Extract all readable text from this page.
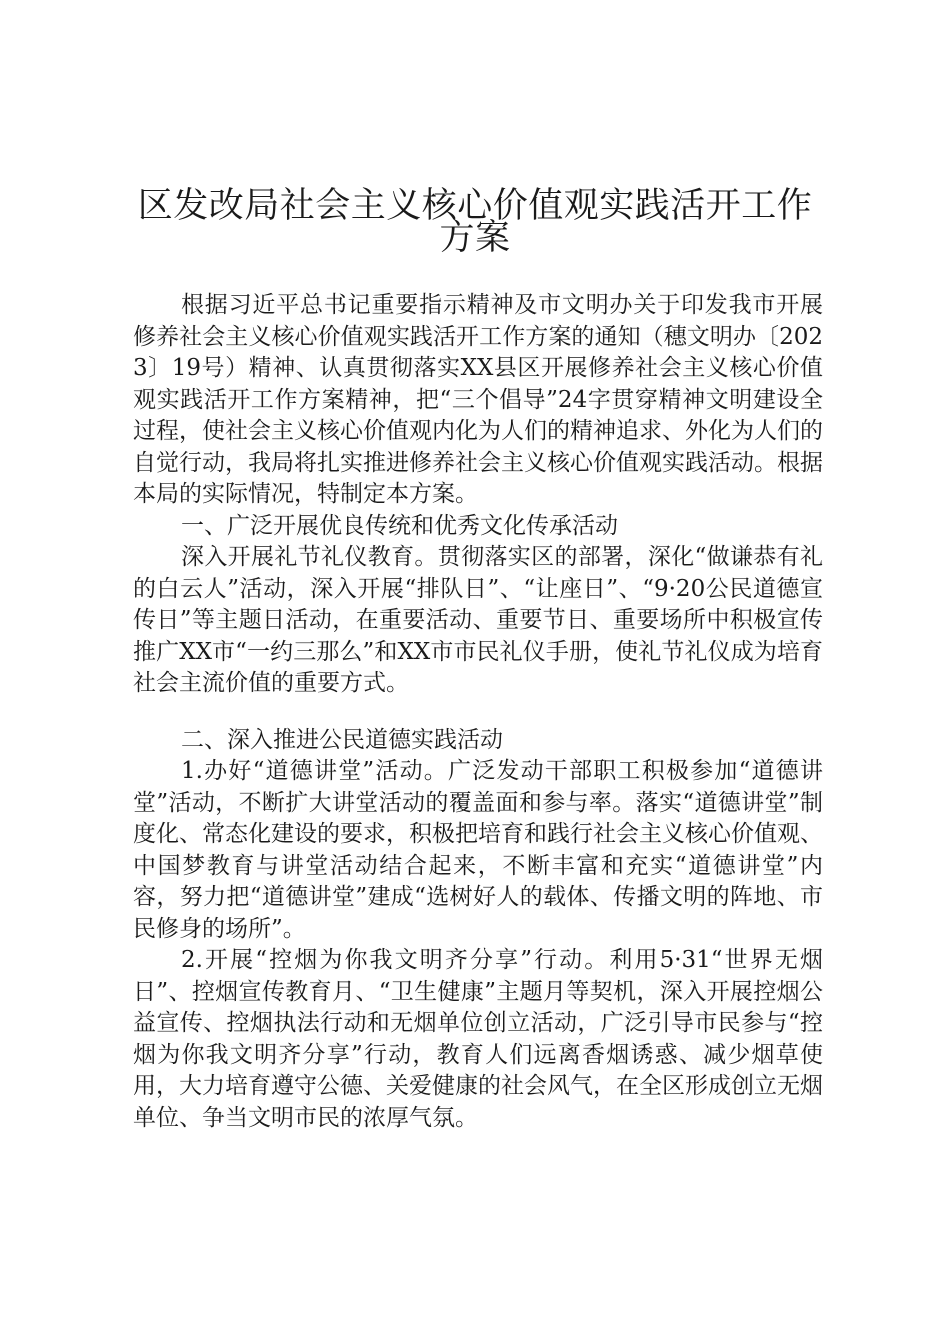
区发改局社会主义核心价值观实践活开工作
方案

根据习近平总书记重要指示精神及市文明办关于印发我市开展修养社会主义核心价值观实践活开工作方案的通知（穗文明办〔2023〕19号）精神、认真贯彻落实XX县区开展修养社会主义核心价值观实践活开工作方案精神，把“三个倡导”24字贯穿精神文明建设全过程，使社会主义核心价值观内化为人们的精神追求、外化为人们的自觉行动，我局将扎实推进修养社会主义核心价值观实践活动。根据本局的实际情况，特制定本方案。

一、广泛开展优良传统和优秀文化传承活动

深入开展礼节礼仪教育。贯彻落实区的部署，深化“做谦恭有礼的白云人”活动，深入开展“排队日”、“让座日”、“9·20公民道德宣传日”等主题日活动，在重要活动、重要节日、重要场所中积极宣传推广XX市“一约三那么”和XX市市民礼仪手册，使礼节礼仪成为培育社会主流价值的重要方式。

二、深入推进公民道德实践活动

1.办好“道德讲堂”活动。广泛发动干部职工积极参加“道德讲堂”活动，不断扩大讲堂活动的覆盖面和参与率。落实“道德讲堂”制度化、常态化建设的要求，积极把培育和践行社会主义核心价值观、中国梦教育与讲堂活动结合起来，不断丰富和充实“道德讲堂”内容，努力把“道德讲堂”建成“选树好人的载体、传播文明的阵地、市民修身的场所”。

2.开展“控烟为你我文明齐分享”行动。利用5·31“世界无烟日”、控烟宣传教育月、“卫生健康”主题月等契机，深入开展控烟公益宣传、控烟执法行动和无烟单位创立活动，广泛引导市民参与“控烟为你我文明齐分享”行动，教育人们远离香烟诱惑、减少烟草使用，大力培育遵守公德、关爱健康的社会风气，在全区形成创立无烟单位、争当文明市民的浓厚气氛。
